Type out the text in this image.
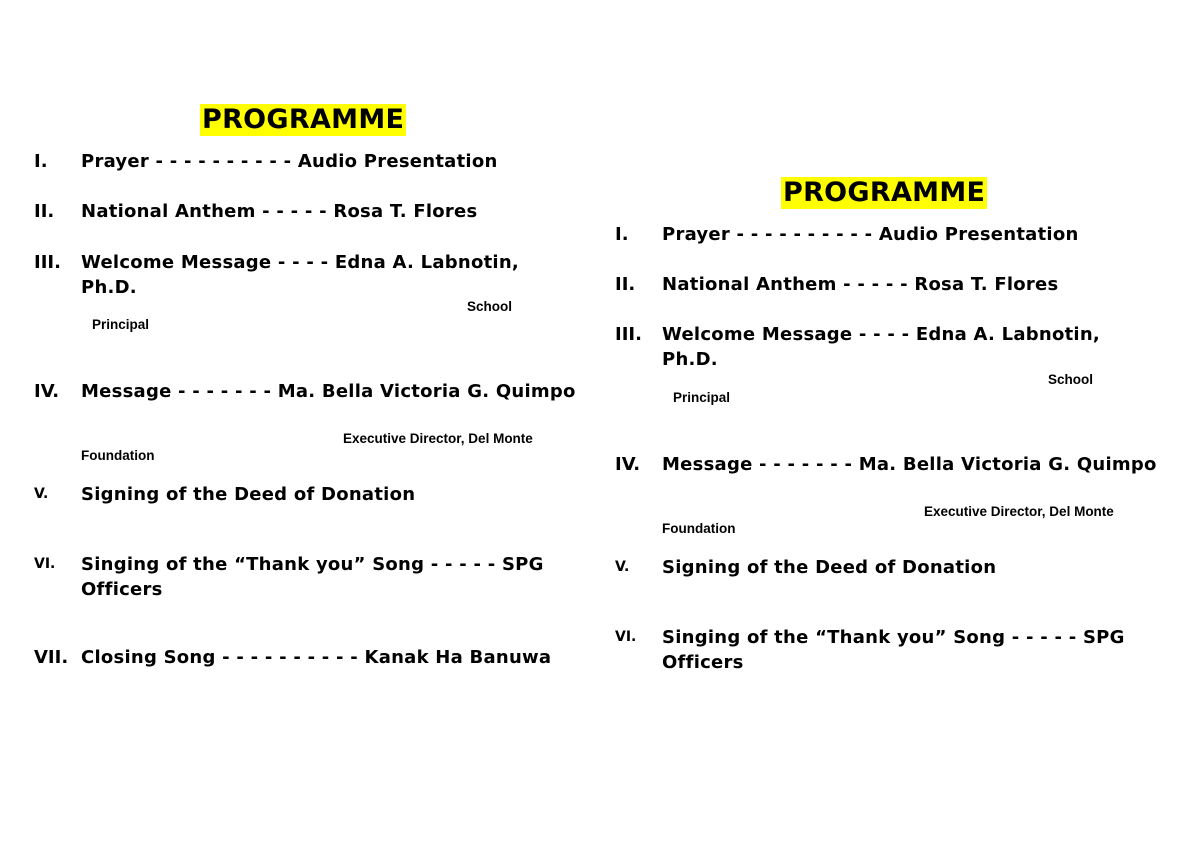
PROGRAMME
I. Prayer - - - - - - - - - - Audio Presentation

II. National Anthem - - - - - Rosa T. Flores

III. Welcome Message - - - - Edna A. Labnotin, Ph.D.

School
Principal
IV. Message - - - - - - - Ma. Bella Victoria G. Quimpo

Executive Director, Del Monte
Foundation
V. Signing of the Deed of Donation

VI. Singing of the “Thank you” Song - - - - - SPG Officers

VII. Closing Song - - - - - - - - - - Kanak Ha Banuwa

PROGRAMME
I. Prayer - - - - - - - - - - Audio Presentation

II. National Anthem - - - - - Rosa T. Flores

III. Welcome Message - - - - Edna A. Labnotin, Ph.D.

School
Principal
IV. Message - - - - - - - Ma. Bella Victoria G. Quimpo

Executive Director, Del Monte
Foundation
V. Signing of the Deed of Donation

VI. Singing of the “Thank you” Song - - - - - SPG Officers
